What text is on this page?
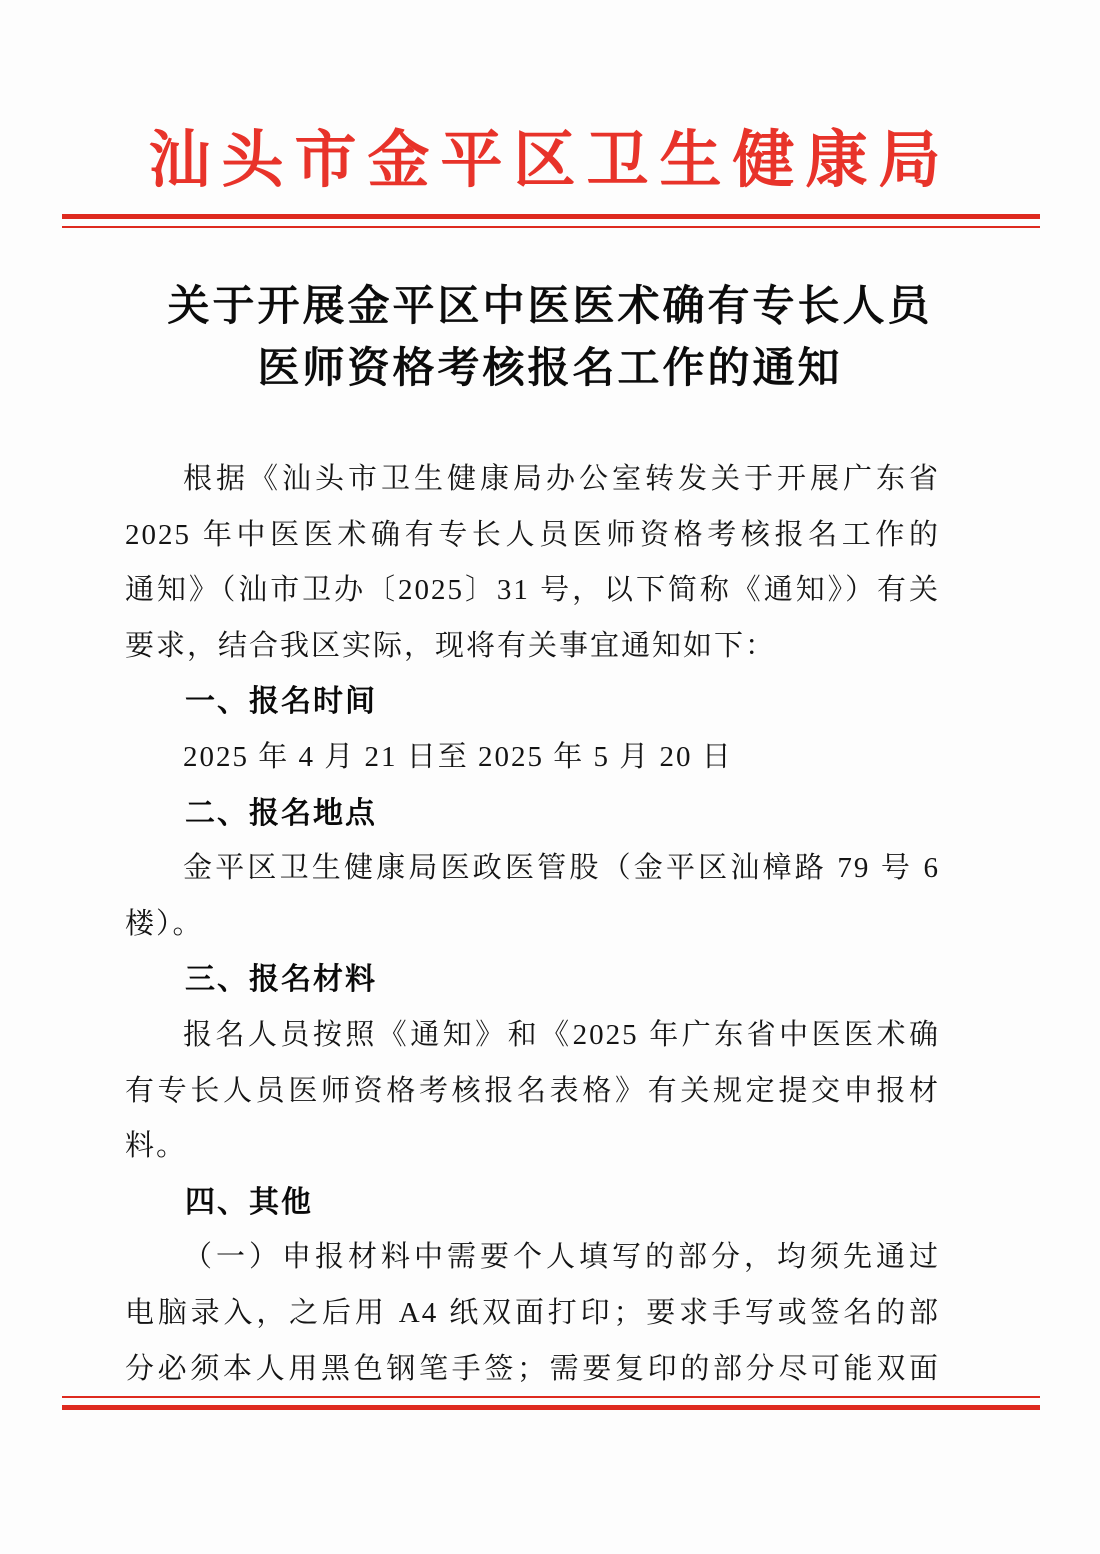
汕头市金平区卫生健康局
关于开展金平区中医医术确有专长人员
医师资格考核报名工作的通知
根据《汕头市卫生健康局办公室转发关于开展广东省
2025 年中医医术确有专长人员医师资格考核报名工作的
通知》（汕市卫办〔2025〕31 号，以下简称《通知》）有关
要求，结合我区实际，现将有关事宜通知如下：
一、报名时间
2025 年 4 月 21 日至 2025 年 5 月 20 日
二、报名地点
金平区卫生健康局医政医管股（金平区汕樟路 79 号 6
楼）。
三、报名材料
报名人员按照《通知》和《2025 年广东省中医医术确
有专长人员医师资格考核报名表格》有关规定提交申报材
料。
四、其他
（一）申报材料中需要个人填写的部分，均须先通过
电脑录入，之后用 A4 纸双面打印；要求手写或签名的部
分必须本人用黑色钢笔手签；需要复印的部分尽可能双面
